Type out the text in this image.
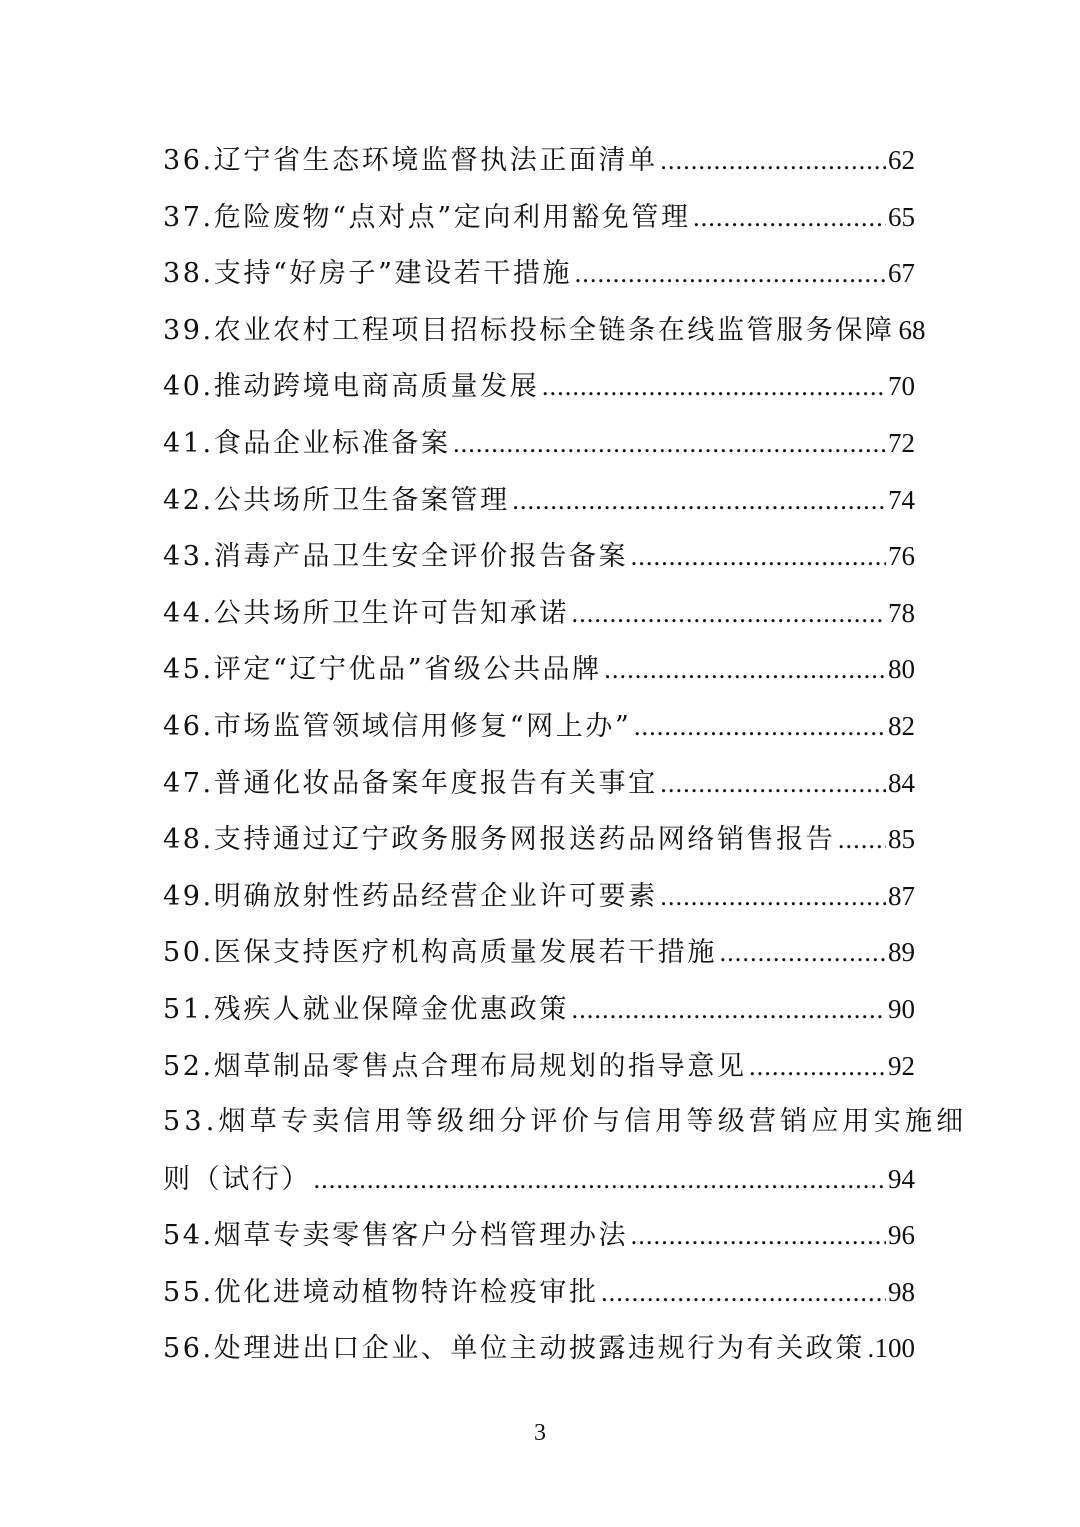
36.辽宁省生态环境监督执法正面清单 .....	62
37.危险废物“点对点”定向利用豁免管理 .....	65
38.支持“好房子”建设若干措施 .....	67
39.农业农村工程项目招标投标全链条在线监管服务保障 68
40.推动跨境电商高质量发展 .....	70
41.食品企业标准备案 .....	72
42.公共场所卫生备案管理 .....	74
43.消毒产品卫生安全评价报告备案 .....	76
44.公共场所卫生许可告知承诺 .....	78
45.评定“辽宁优品”省级公共品牌 .....	80
46.市场监管领域信用修复“网上办” .....	82
47.普通化妆品备案年度报告有关事宜 .....	84
48.支持通过辽宁政务服务网报送药品网络销售报告 ..... 85
49.明确放射性药品经营企业许可要素 .....	87
50.医保支持医疗机构高质量发展若干措施 .....	89
51.残疾人就业保障金优惠政策 .....	90
52.烟草制品零售点合理布局规划的指导意见 .....	92
53.烟草专卖信用等级细分评价与信用等级营销应用实施细
则（试行） .....	94
54.烟草专卖零售客户分档管理办法 .....	96
55.优化进境动植物特许检疫审批 .....	98
56.处理进出口企业、单位主动披露违规行为有关政策 ..... 100
3
